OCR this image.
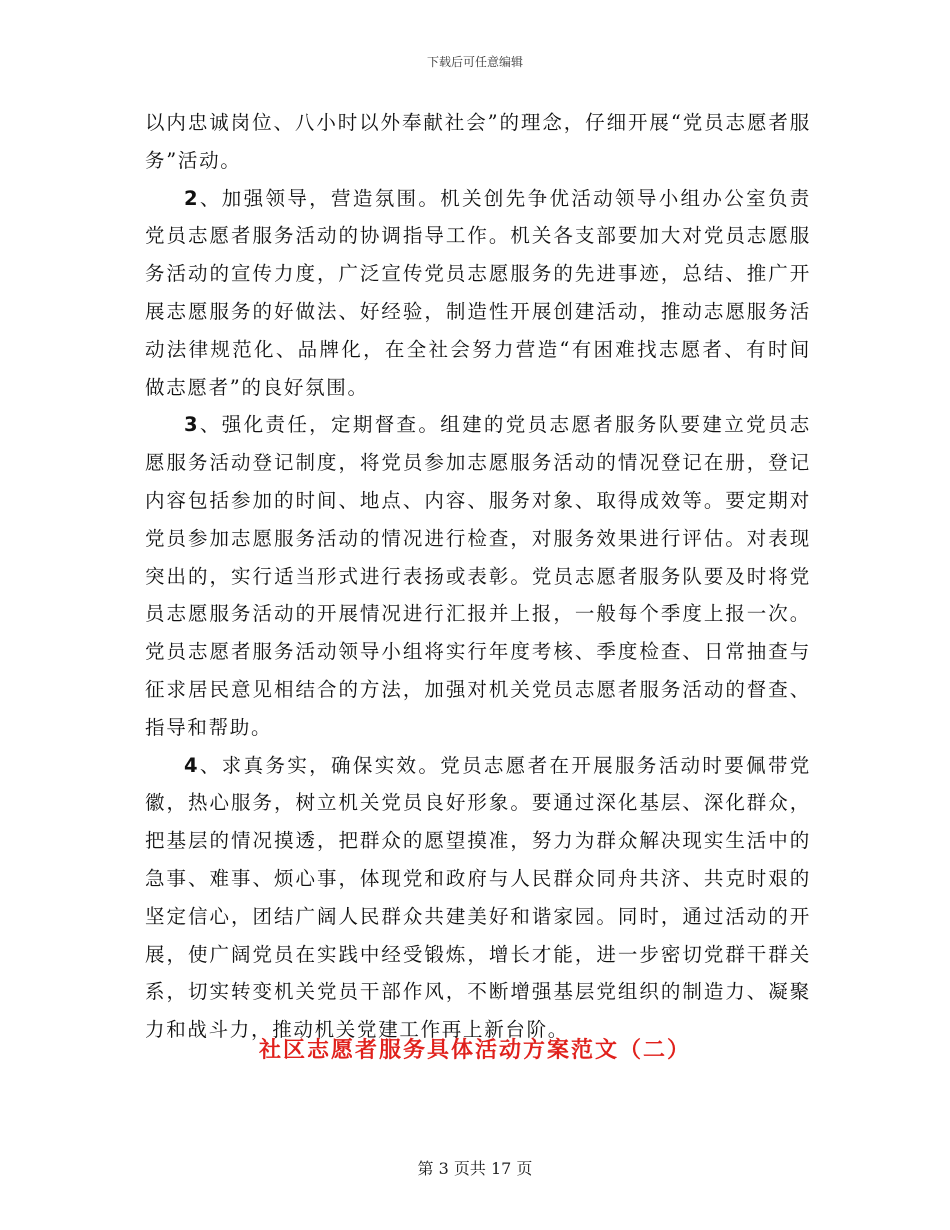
下载后可任意编辑

以内忠诚岗位、八小时以外奉献社会”的理念，仔细开展“党员志愿者服务”活动。

2、加强领导，营造氛围。机关创先争优活动领导小组办公室负责党员志愿者服务活动的协调指导工作。机关各支部要加大对党员志愿服务活动的宣传力度，广泛宣传党员志愿服务的先进事迹，总结、推广开展志愿服务的好做法、好经验，制造性开展创建活动，推动志愿服务活动法律规范化、品牌化，在全社会努力营造“有困难找志愿者、有时间做志愿者”的良好氛围。

3、强化责任，定期督查。组建的党员志愿者服务队要建立党员志愿服务活动登记制度，将党员参加志愿服务活动的情况登记在册，登记内容包括参加的时间、地点、内容、服务对象、取得成效等。要定期对党员参加志愿服务活动的情况进行检查，对服务效果进行评估。对表现突出的，实行适当形式进行表扬或表彰。党员志愿者服务队要及时将党员志愿服务活动的开展情况进行汇报并上报，一般每个季度上报一次。党员志愿者服务活动领导小组将实行年度考核、季度检查、日常抽查与征求居民意见相结合的方法，加强对机关党员志愿者服务活动的督查、指导和帮助。

4、求真务实，确保实效。党员志愿者在开展服务活动时要佩带党徽，热心服务，树立机关党员良好形象。要通过深化基层、深化群众，把基层的情况摸透，把群众的愿望摸准，努力为群众解决现实生活中的急事、难事、烦心事，体现党和政府与人民群众同舟共济、共克时艰的坚定信心，团结广阔人民群众共建美好和谐家园。同时，通过活动的开展，使广阔党员在实践中经受锻炼，增长才能，进一步密切党群干群关系，切实转变机关党员干部作风，不断增强基层党组织的制造力、凝聚力和战斗力，推动机关党建工作再上新台阶。

社区志愿者服务具体活动方案范文（二）
第 3 页共 17 页
